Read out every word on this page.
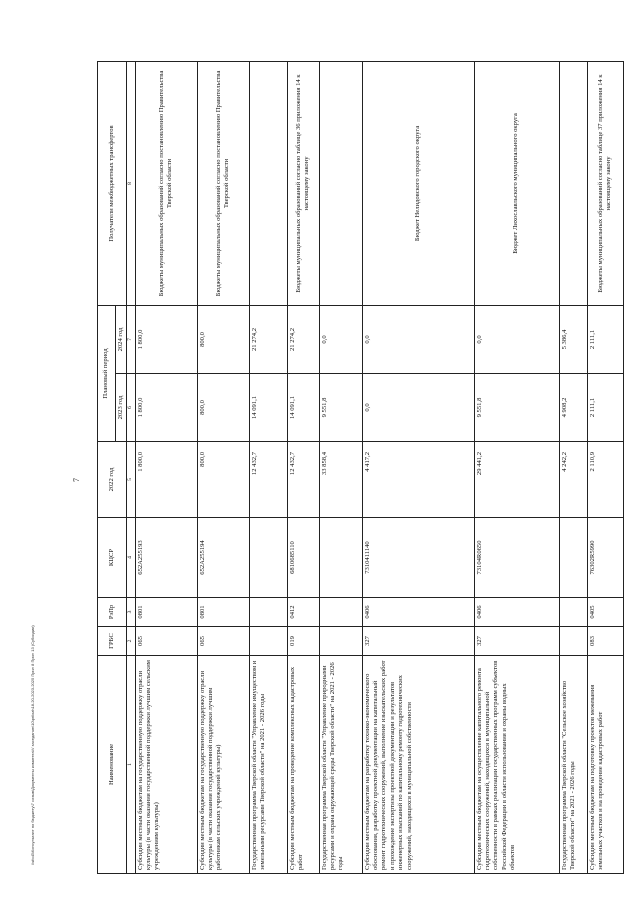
7
\\sfcd3\Консультант по бюджету\7 созыв\Документы комитета\V заседание\10\prilozh18-20-2023-2025 Прил 8 Прил 13 (Субсидии)	Наименование	ГРБС	РзПр	КЦСР	2022 год	Плановый период		Получатели межбюджетных трансфертов
					2023 год	2024 год	
1	2	3	4	5	6	7	8
Субсидии местным бюджетам на государственную поддержку отрасли культуры (в части оказания государственной поддержки лучшим сельским учреждениям культуры)	065	0801	652A255193	1 800,0	1 800,0	1 800,0	Бюджеты муниципальных образований согласно постановлению Правительства Тверской области
Субсидии местным бюджетам на государственную поддержку отрасли культуры (в части оказания государственной поддержки лучшим работникам сельских учреждений культуры)	065	0801	652A255194	800,0	800,0	800,0	Бюджеты муниципальных образований согласно постановлению Правительства Тверской области
Государственная программа Тверской области "Управление имуществом и земельными ресурсами Тверской области" на 2021 - 2026 годы				12 432,7	14 091,1	21 274,2	
Субсидии местным бюджетам на проведение комплексных кадастровых работ	019	0412	6810685110	12 432,7	14 091,1	21 274,2	Бюджеты муниципальных образований согласно таблице 36 приложения 14 к настоящему закону
Государственная программа Тверской области "Управление природными ресурсами и охрана окружающей среды Тверской области" на 2021 - 2026 годы				33 858,4	9 551,8	0,0	
Субсидии местным бюджетам на разработку технико-экономического обоснования, разработку проектной документации на капитальный ремонт гидротехнических сооружений, выполнение изыскательских работ и прохождение экспертизы проектной документации и результатов инженерных изысканий по капитальному ремонту гидротехнических сооружений, находящихся в муниципальной собственности	327	0406	7310411140	4 417,2	0,0	0,0	Бюджет Нелидовского городского округа
Субсидии местным бюджетам на осуществление капитального ремонта гидротехнических сооружений, находящихся в муниципальной собственности в рамках реализации государственных программ субъектов Российской Федерации в области использования и охраны водных объектов	327	0406	73104R0650	29 441,2	9 551,8	0,0	Бюджет Лихославльского муниципального округа
Государственная программа Тверской области "Сельское хозяйство Тверской области" на 2021 - 2026 годы				4 242,2	4 908,2	5 386,4	
Субсидии местным бюджетам на подготовку проектов межевания земельных участков и на проведение кадастровых работ	083	0405	76302R5990	2 110,9	2 111,1	2 111,1	Бюджеты муниципальных образований согласно таблице 37 приложения 14 к настоящему закону
